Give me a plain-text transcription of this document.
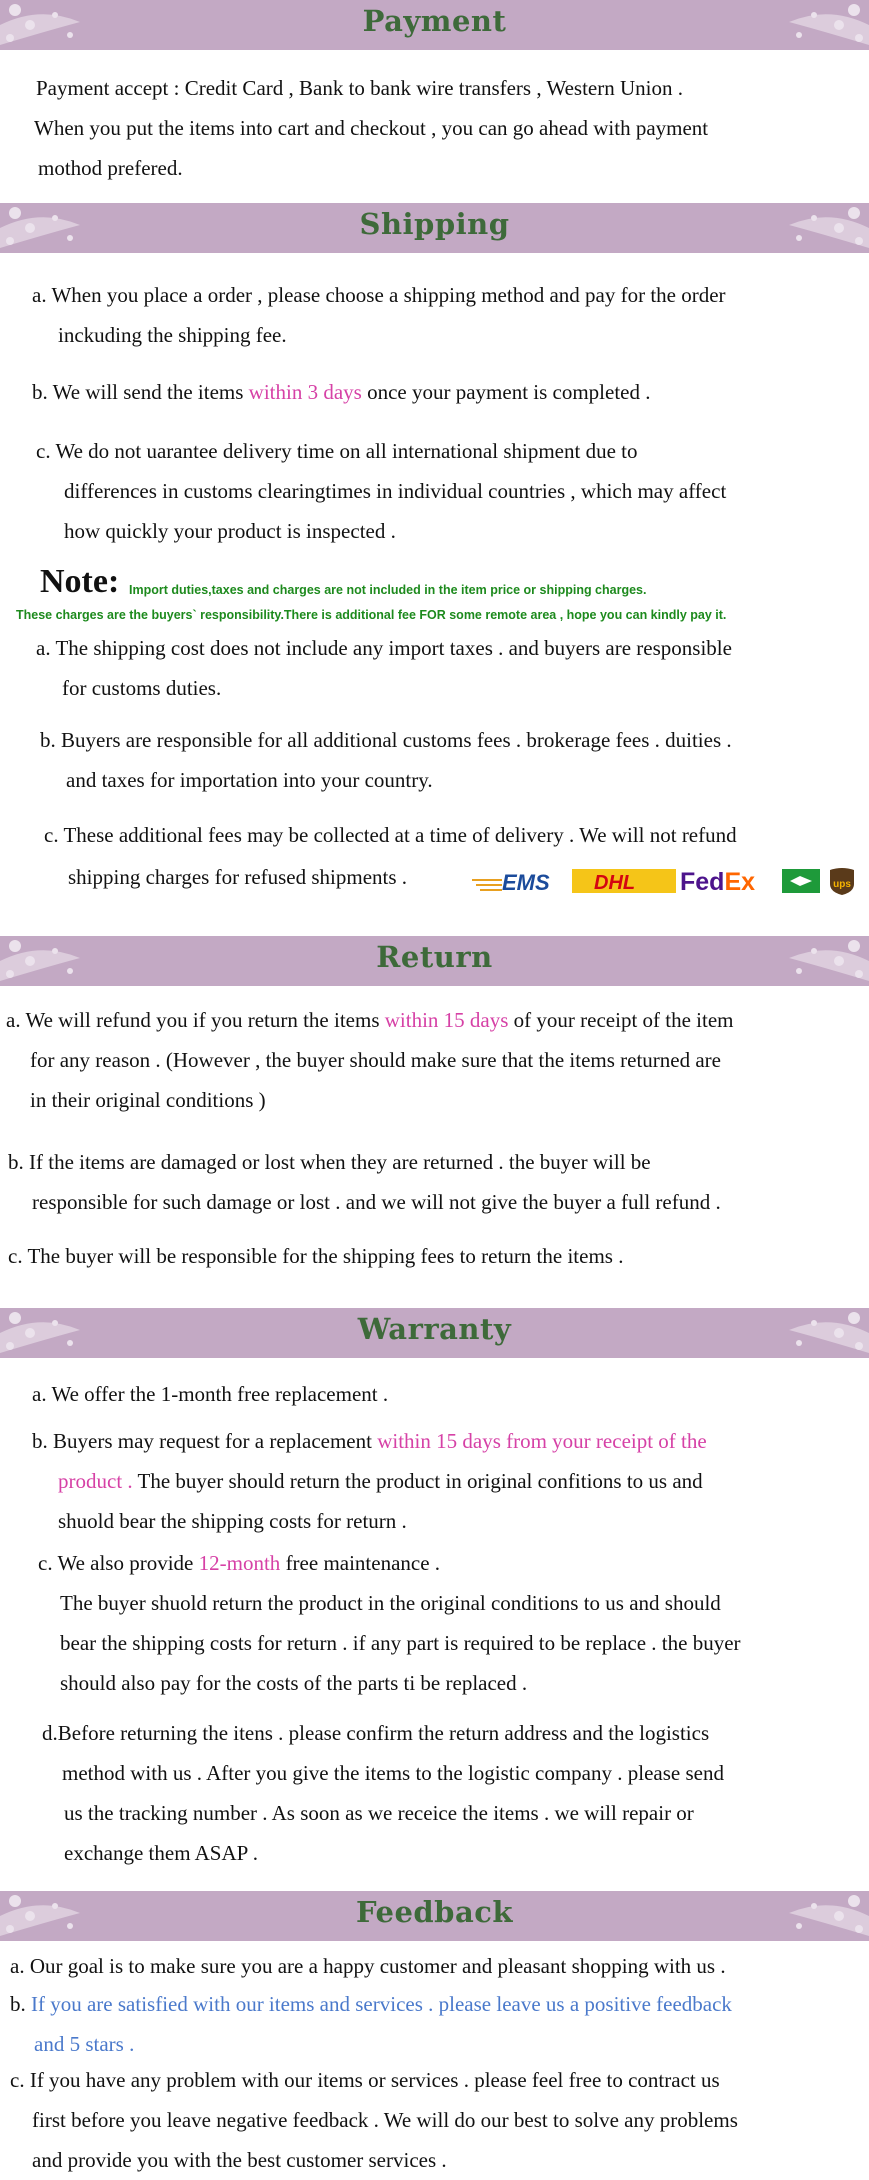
Payment
Payment accept : Credit Card , Bank to bank wire transfers , Western Union .
When you put the items into cart and checkout , you can go ahead with payment
mothod prefered.
Shipping
a. When you place a order , please choose a shipping method and pay for the order
inckuding the shipping fee.
b. We will send the items within 3 days once your payment is completed .
c. We do not uarantee delivery time on all international shipment due to
differences in customs clearingtimes in individual countries , which may affect
how quickly your product is inspected .
Note: Import duties,taxes and charges are not included in the item price or shipping charges.
These charges are the buyers` responsibility.There is additional fee FOR some remote area , hope you can kindly pay it.
a. The shipping cost does not include any import taxes . and buyers are responsible
for customs duties.
b. Buyers are responsible for all additional customs fees . brokerage fees . duities .
and taxes for importation into your country.
c. These additional fees may be collected at a time of delivery . We will not refund
shipping charges for refused shipments .	EMS DHL FedEx	ups
Return
a. We will refund you if you return the items within 15 days of your receipt of the item
for any reason . (However , the buyer should make sure that the items returned are
in their original conditions )
b. If the items are damaged or lost when they are returned . the buyer will be
responsible for such damage or lost . and we will not give the buyer a full refund .
c. The buyer will be responsible for the shipping fees to return the items .
Warranty
a. We offer the 1-month free replacement .
b. Buyers may request for a replacement within 15 days from your receipt of the
product . The buyer should return the product in original confitions to us and
shuold bear the shipping costs for return .
c. We also provide 12-month free maintenance .
The buyer shuold return the product in the original conditions to us and should
bear the shipping costs for return . if any part is required to be replace . the buyer
should also pay for the costs of the parts ti be replaced .
d.Before returning the itens . please confirm the return address and the logistics
method with us . After you give the items to the logistic company . please send
us the tracking number . As soon as we receice the items . we will repair or
exchange them ASAP .
Feedback
a. Our goal is to make sure you are a happy customer and pleasant shopping with us .
b. If you are satisfied with our items and services . please leave us a positive feedback
and 5 stars .
c. If you have any problem with our items or services . please feel free to contract us
first before you leave negative feedback . We will do our best to solve any problems
and provide you with the best customer services .
